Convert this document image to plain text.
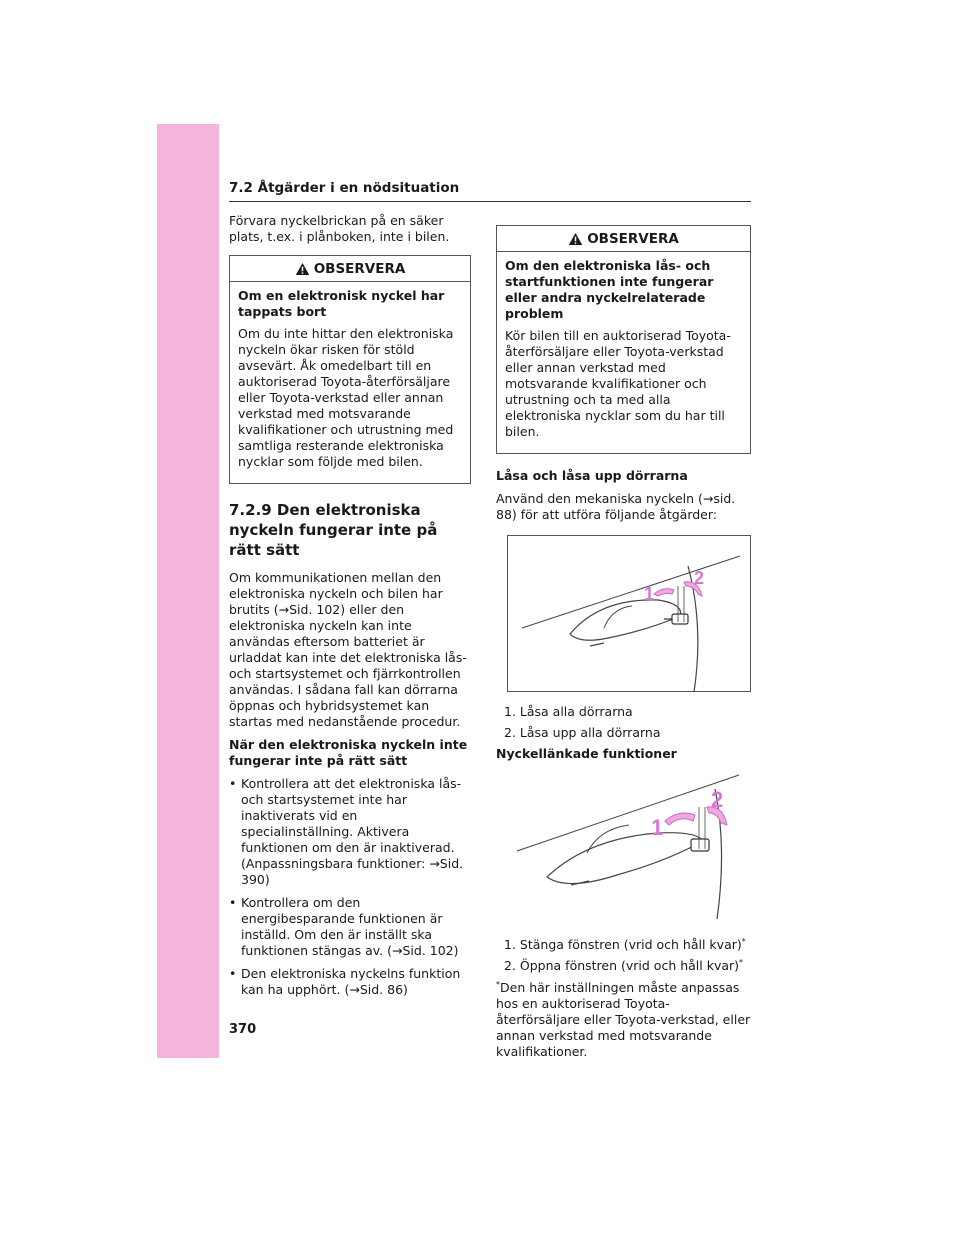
7.2 Åtgärder i en nödsituation

Förvara nyckelbrickan på en säker plats, t.ex. i plånboken, inte i bilen.

OBSERVERA

Om en elektronisk nyckel har tappats bort

Om du inte hittar den elektroniska nyckeln ökar risken för stöld avsevärt. Åk omedelbart till en auktoriserad Toyota-återförsäljare eller Toyota-verkstad eller annan verkstad med motsvarande kvalifikationer och utrustning med samtliga resterande elektroniska nycklar som följde med bilen.

7.2.9 Den elektroniska nyckeln fungerar inte på rätt sätt

Om kommunikationen mellan den elektroniska nyckeln och bilen har brutits (→Sid. 102) eller den elektroniska nyckeln kan inte användas eftersom batteriet är urladdat kan inte det elektroniska lås- och startsystemet och fjärrkontrollen användas. I sådana fall kan dörrarna öppnas och hybridsystemet kan startas med nedanstående procedur.

När den elektroniska nyckeln inte fungerar inte på rätt sätt

• Kontrollera att det elektroniska lås- och startsystemet inte har inaktiverats vid en specialinställning. Aktivera funktionen om den är inaktiverad. (Anpassningsbara funktioner: →Sid. 390)
• Kontrollera om den energibesparande funktionen är inställd. Om den är inställt ska funktionen stängas av. (→Sid. 102)
• Den elektroniska nyckelns funktion kan ha upphört. (→Sid. 86)
OBSERVERA

Om den elektroniska lås- och startfunktionen inte fungerar eller andra nyckelrelaterade problem

Kör bilen till en auktoriserad Toyota-återförsäljare eller Toyota-verkstad eller annan verkstad med motsvarande kvalifikationer och utrustning och ta med alla elektroniska nycklar som du har till bilen.

Låsa och låsa upp dörrarna

Använd den mekaniska nyckeln (→sid. 88) för att utföra följande åtgärder:

1
2
1. Låsa alla dörrarna
2. Låsa upp alla dörrarna

Nyckellänkade funktioner

1
2
1. Stänga fönstren (vrid och håll kvar)*
2. Öppna fönstren (vrid och håll kvar)*

*Den här inställningen måste anpassas hos en auktoriserad Toyota-återförsäljare eller Toyota-verkstad, eller annan verkstad med motsvarande kvalifikationer.

370
